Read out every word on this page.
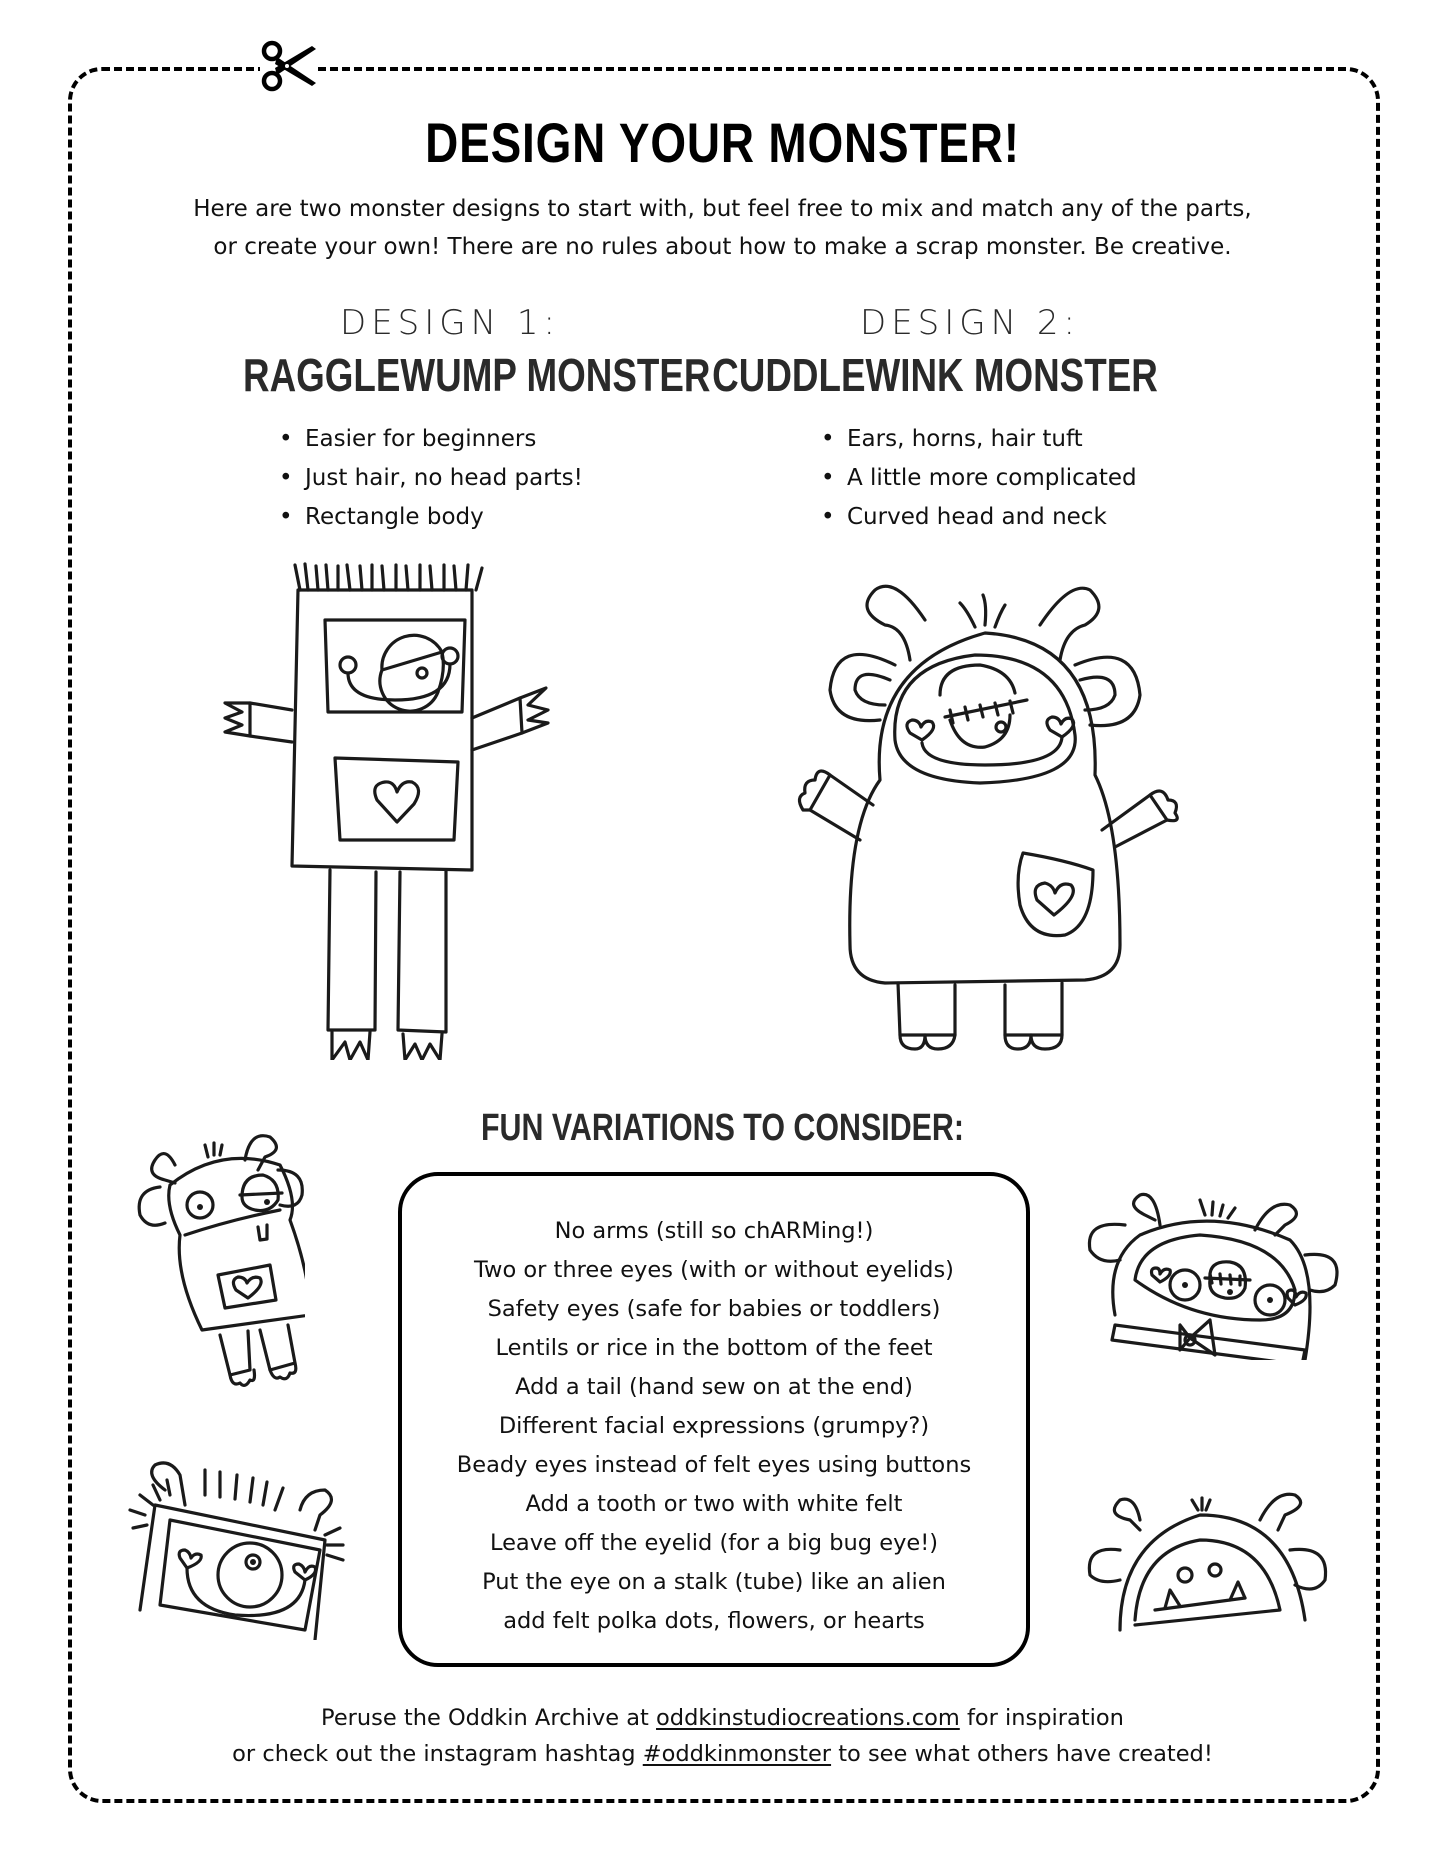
DESIGN YOUR MONSTER!
Here are two monster designs to start with, but feel free to mix and match any of the parts,
or create your own! There are no rules about how to make a scrap monster. Be creative.
DESIGN 1:
RAGGLEWUMP MONSTER
• Easier for beginners
• Just hair, no head parts!
• Rectangle body
DESIGN 2:
CUDDLEWINK MONSTER
• Ears, horns, hair tuft
• A little more complicated
• Curved head and neck
FUN VARIATIONS TO CONSIDER:
No arms (still so chARMing!)
Two or three eyes (with or without eyelids)
Safety eyes (safe for babies or toddlers)
Lentils or rice in the bottom of the feet
Add a tail (hand sew on at the end)
Different facial expressions (grumpy?)
Beady eyes instead of felt eyes using buttons
Add a tooth or two with white felt
Leave off the eyelid (for a big bug eye!)
Put the eye on a stalk (tube) like an alien
add felt polka dots, flowers, or hearts
Peruse the Oddkin Archive at oddkinstudiocreations.com for inspiration
or check out the instagram hashtag #oddkinmonster to see what others have created!
